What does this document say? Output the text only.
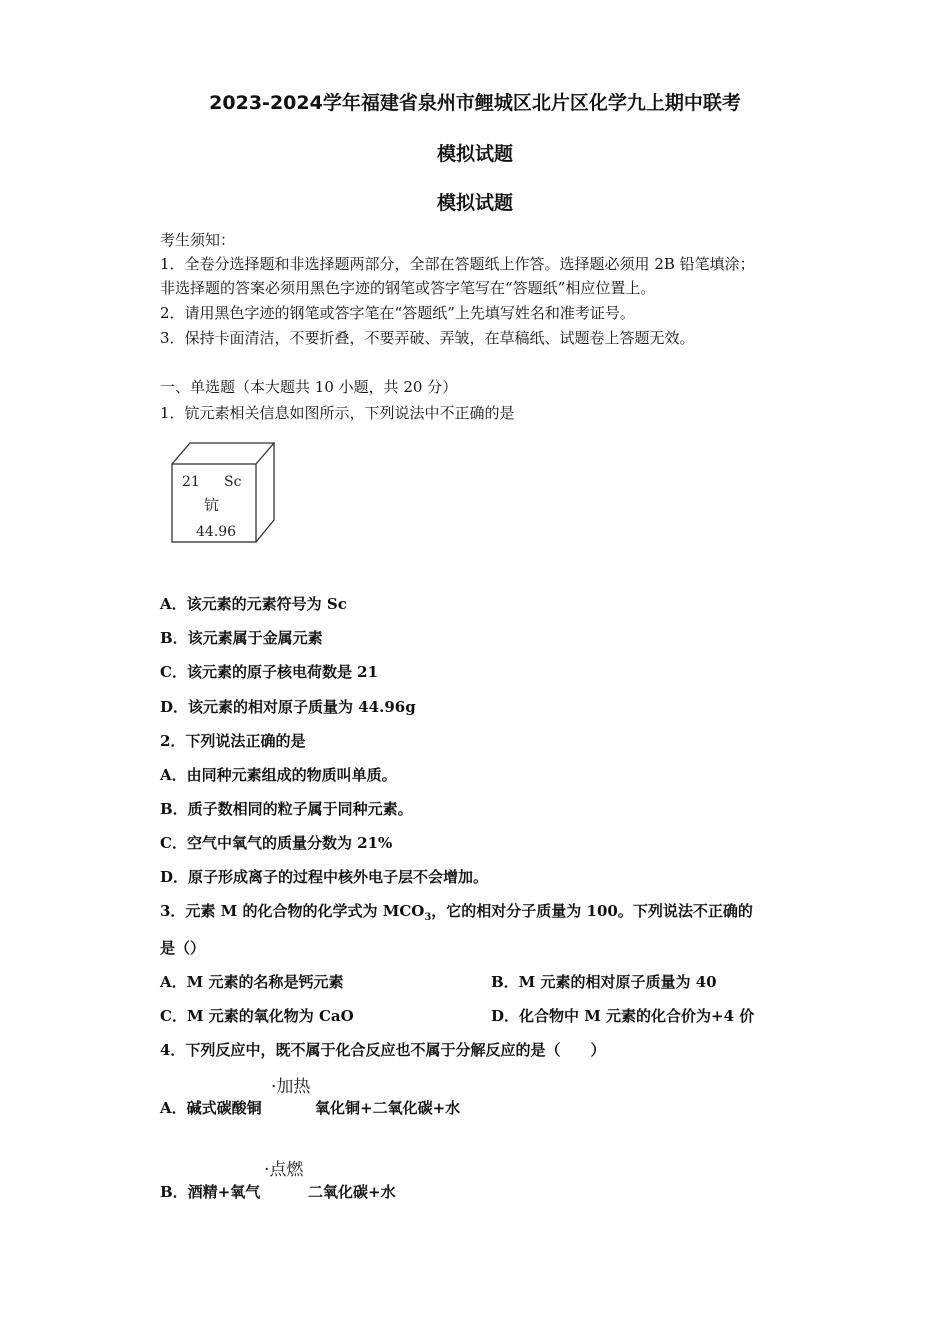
2023-2024学年福建省泉州市鲤城区北片区化学九上期中联考
模拟试题
模拟试题
考生须知：
1．全卷分选择题和非选择题两部分，全部在答题纸上作答。选择题必须用 2B 铅笔填涂；
非选择题的答案必须用黑色字迹的钢笔或答字笔写在“答题纸”相应位置上。
2．请用黑色字迹的钢笔或答字笔在“答题纸”上先填写姓名和准考证号。
3．保持卡面清洁，不要折叠，不要弄破、弄皱，在草稿纸、试题卷上答题无效。
一、单选题（本大题共 10 小题，共 20 分）
1．钪元素相关信息如图所示，下列说法中不正确的是
21 Sc
钪
44.96
A．该元素的元素符号为 Sc
B．该元素属于金属元素
C．该元素的原子核电荷数是 21
D．该元素的相对原子质量为 44.96g
2．下列说法正确的是
A．由同种元素组成的物质叫单质。
B．质子数相同的粒子属于同种元素。
C．空气中氧气的质量分数为 21%
D．原子形成离子的过程中核外电子层不会增加。
3．元素 M 的化合物的化学式为 $MCO_3$，它的相对分子质量为 100。下列说法不正确的
是（）
A．M 元素的名称是钙元素	B．M 元素的相对原子质量为 40
C．M 元素的氧化物为 CaO	D．化合物中 M 元素的化合价为+4 价
4．下列反应中，既不属于化合反应也不属于分解反应的是（　　）
·加热
A．碱式碳酸铜	氧化铜+二氧化碳+水
·点燃
B．酒精+氧气	二氧化碳+水
